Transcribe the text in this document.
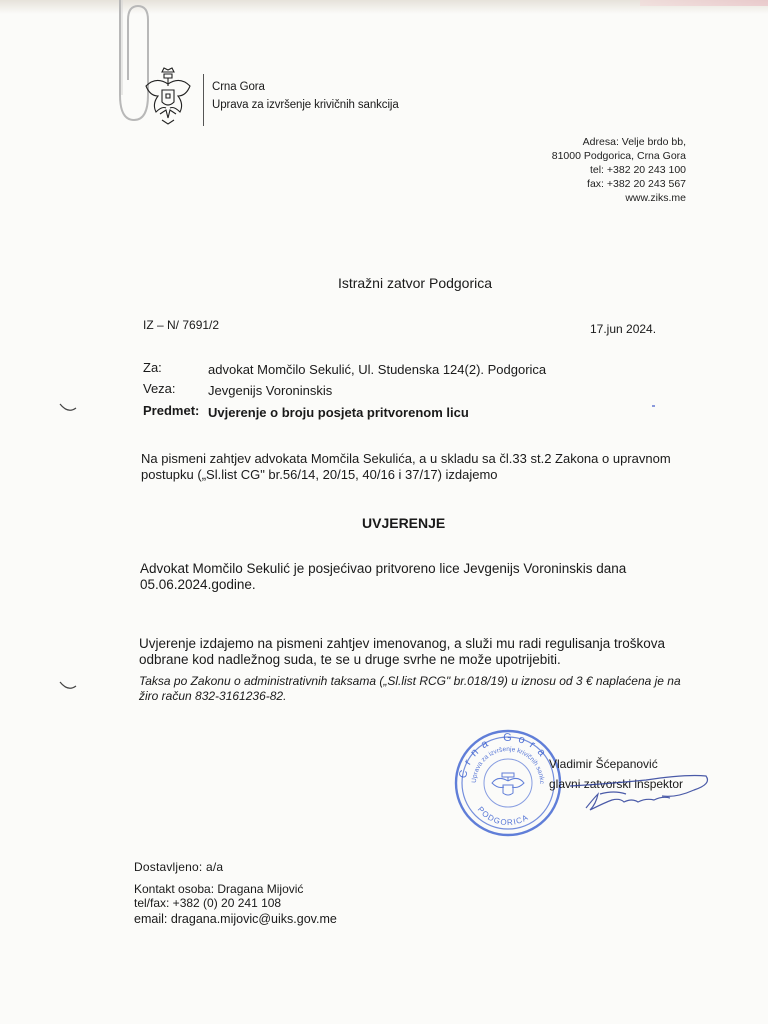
Crna Gora
Uprava za izvršenje krivičnih sankcija
Adresa: Velje brdo bb,
81000 Podgorica, Crna Gora
tel: +382 20 243 100
fax: +382 20 243 567
www.ziks.me
Istražni zatvor Podgorica
IZ – N/ 7691/2	17.jun 2024.
Za:	advokat Momčilo Sekulić, Ul. Studenska 124(2). Podgorica
Veza: Jevgenijs Voroninskis
Predmet: Uvjerenje o broju posjeta pritvorenom licu
Na pismeni zahtjev advokata Momčila Sekulića, a u skladu sa čl.33 st.2 Zakona o upravnom
postupku („Sl.list CG" br.56/14, 20/15, 40/16 i 37/17) izdajemo
UVJERENJE
Advokat Momčilo Sekulić je posjećivao pritvoreno lice Jevgenijs Voroninskis dana
05.06.2024.godine.
Uvjerenje izdajemo na pismeni zahtjev imenovanog, a služi mu radi regulisanja troškova
odbrane kod nadležnog suda, te se u druge svrhe ne može upotrijebiti.
Taksa po Zakonu o administrativnih taksama („Sl.list RCG" br.018/19) u iznosu od 3 € naplaćena je na
žiro račun 832-3161236-82.
Crna Gora
Uprava za izvršenje krivičnih sankc
PODGORICA
Vladimir Šćepanović
glavni zatvorski inspektor
Dostavljeno: a/a
Kontakt osoba: Dragana Mijović
tel/fax: +382 (0) 20 241 108
email: dragana.mijovic@uiks.gov.me
